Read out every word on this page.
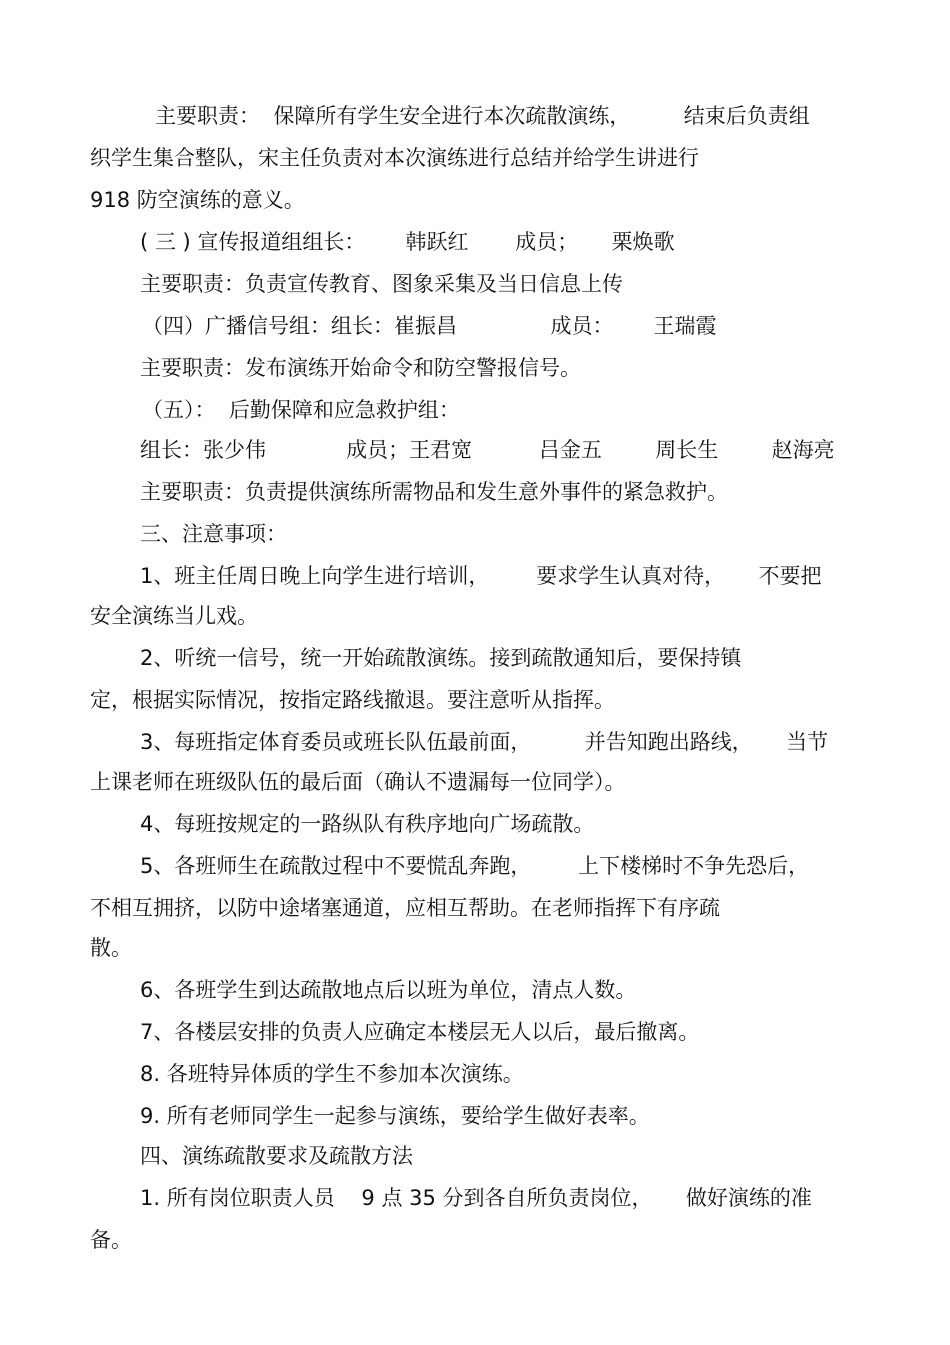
主要职责：  保障所有学生安全进行本次疏散演练，        结束后负责组
织学生集合整队，宋主任负责对本次演练进行总结并给学生讲进行
918 防空演练的意义。
( 三 ) 宣传报道组组长：      韩跃红       成员；     栗焕歌
主要职责：负责宣传教育、图象采集及当日信息上传
（四）广播信号组：组长：崔振昌              成员：      王瑞霞
主要职责：发布演练开始命令和防空警报信号。
（五）：  后勤保障和应急救护组：
组长：张少伟            成员；王君宽          吕金五        周长生        赵海亮
主要职责：负责提供演练所需物品和发生意外事件的紧急救护。
三、注意事项：
1、班主任周日晚上向学生进行培训，       要求学生认真对待，     不要把
安全演练当儿戏。
2、听统一信号，统一开始疏散演练。接到疏散通知后，要保持镇
定，根据实际情况，按指定路线撤退。要注意听从指挥。
3、每班指定体育委员或班长队伍最前面，        并告知跑出路线，     当节
上课老师在班级队伍的最后面（确认不遗漏每一位同学）。
4、每班按规定的一路纵队有秩序地向广场疏散。
5、各班师生在疏散过程中不要慌乱奔跑，       上下楼梯时不争先恐后，
不相互拥挤，以防中途堵塞通道，应相互帮助。在老师指挥下有序疏
散。
6、各班学生到达疏散地点后以班为单位，清点人数。
7、各楼层安排的负责人应确定本楼层无人以后，最后撤离。
8. 各班特异体质的学生不参加本次演练。
9. 所有老师同学生一起参与演练，要给学生做好表率。
四、演练疏散要求及疏散方法
1. 所有岗位职责人员    9 点 35 分到各自所负责岗位，     做好演练的准
备。
